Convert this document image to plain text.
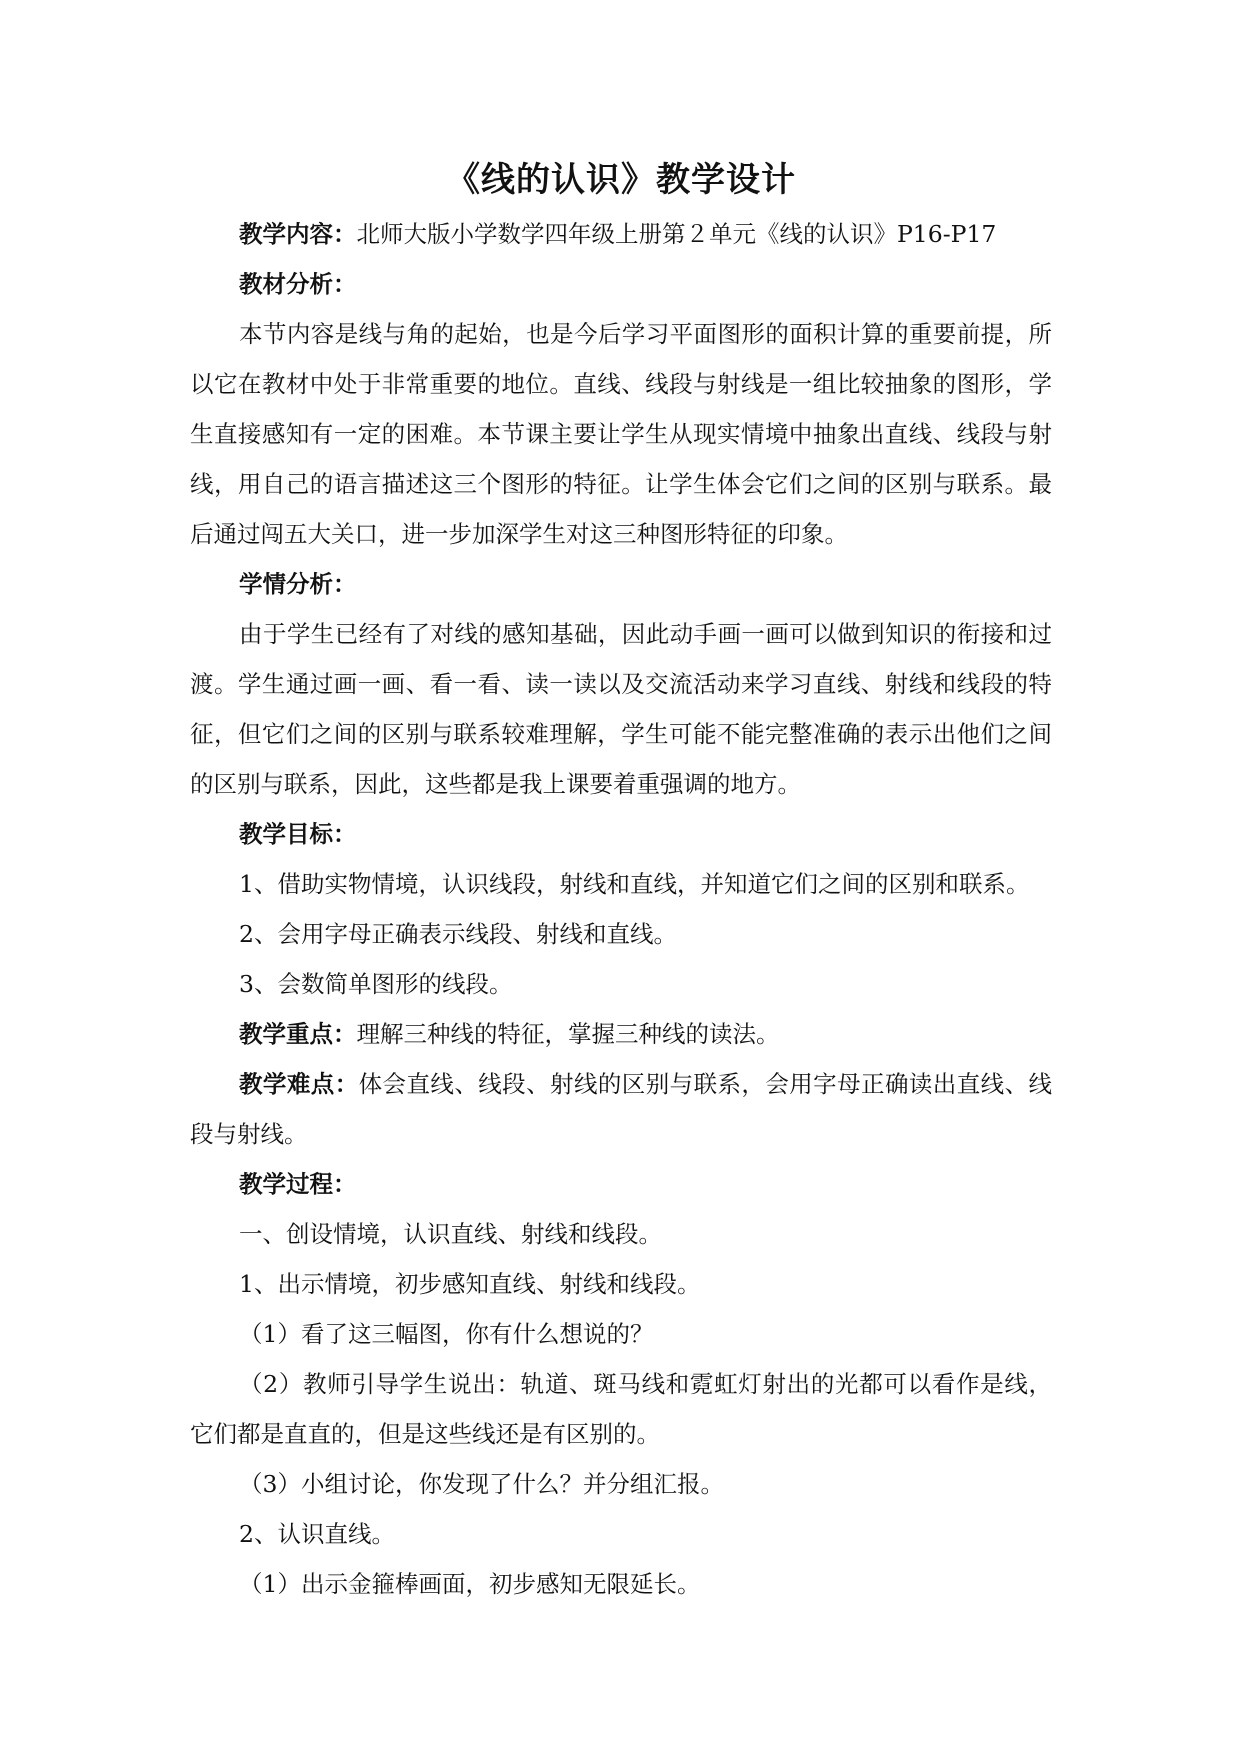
《线的认识》教学设计

教学内容：北师大版小学数学四年级上册第２单元《线的认识》P16-P17

教材分析：

本节内容是线与角的起始，也是今后学习平面图形的面积计算的重要前提，所以它在教材中处于非常重要的地位。直线、线段与射线是一组比较抽象的图形，学生直接感知有一定的困难。本节课主要让学生从现实情境中抽象出直线、线段与射线，用自己的语言描述这三个图形的特征。让学生体会它们之间的区别与联系。最后通过闯五大关口，进一步加深学生对这三种图形特征的印象。

学情分析：

由于学生已经有了对线的感知基础，因此动手画一画可以做到知识的衔接和过渡。学生通过画一画、看一看、读一读以及交流活动来学习直线、射线和线段的特征，但它们之间的区别与联系较难理解，学生可能不能完整准确的表示出他们之间的区别与联系，因此，这些都是我上课要着重强调的地方。

教学目标：

1、借助实物情境，认识线段，射线和直线，并知道它们之间的区别和联系。

2、会用字母正确表示线段、射线和直线。

3、会数简单图形的线段。

教学重点：理解三种线的特征，掌握三种线的读法。

教学难点：体会直线、线段、射线的区别与联系，会用字母正确读出直线、线段与射线。

教学过程：

一、创设情境，认识直线、射线和线段。

1、出示情境，初步感知直线、射线和线段。

（1）看了这三幅图，你有什么想说的？

（2）教师引导学生说出：轨道、斑马线和霓虹灯射出的光都可以看作是线，它们都是直直的，但是这些线还是有区别的。

（3）小组讨论，你发现了什么？并分组汇报。

2、认识直线。

（1）出示金箍棒画面，初步感知无限延长。
